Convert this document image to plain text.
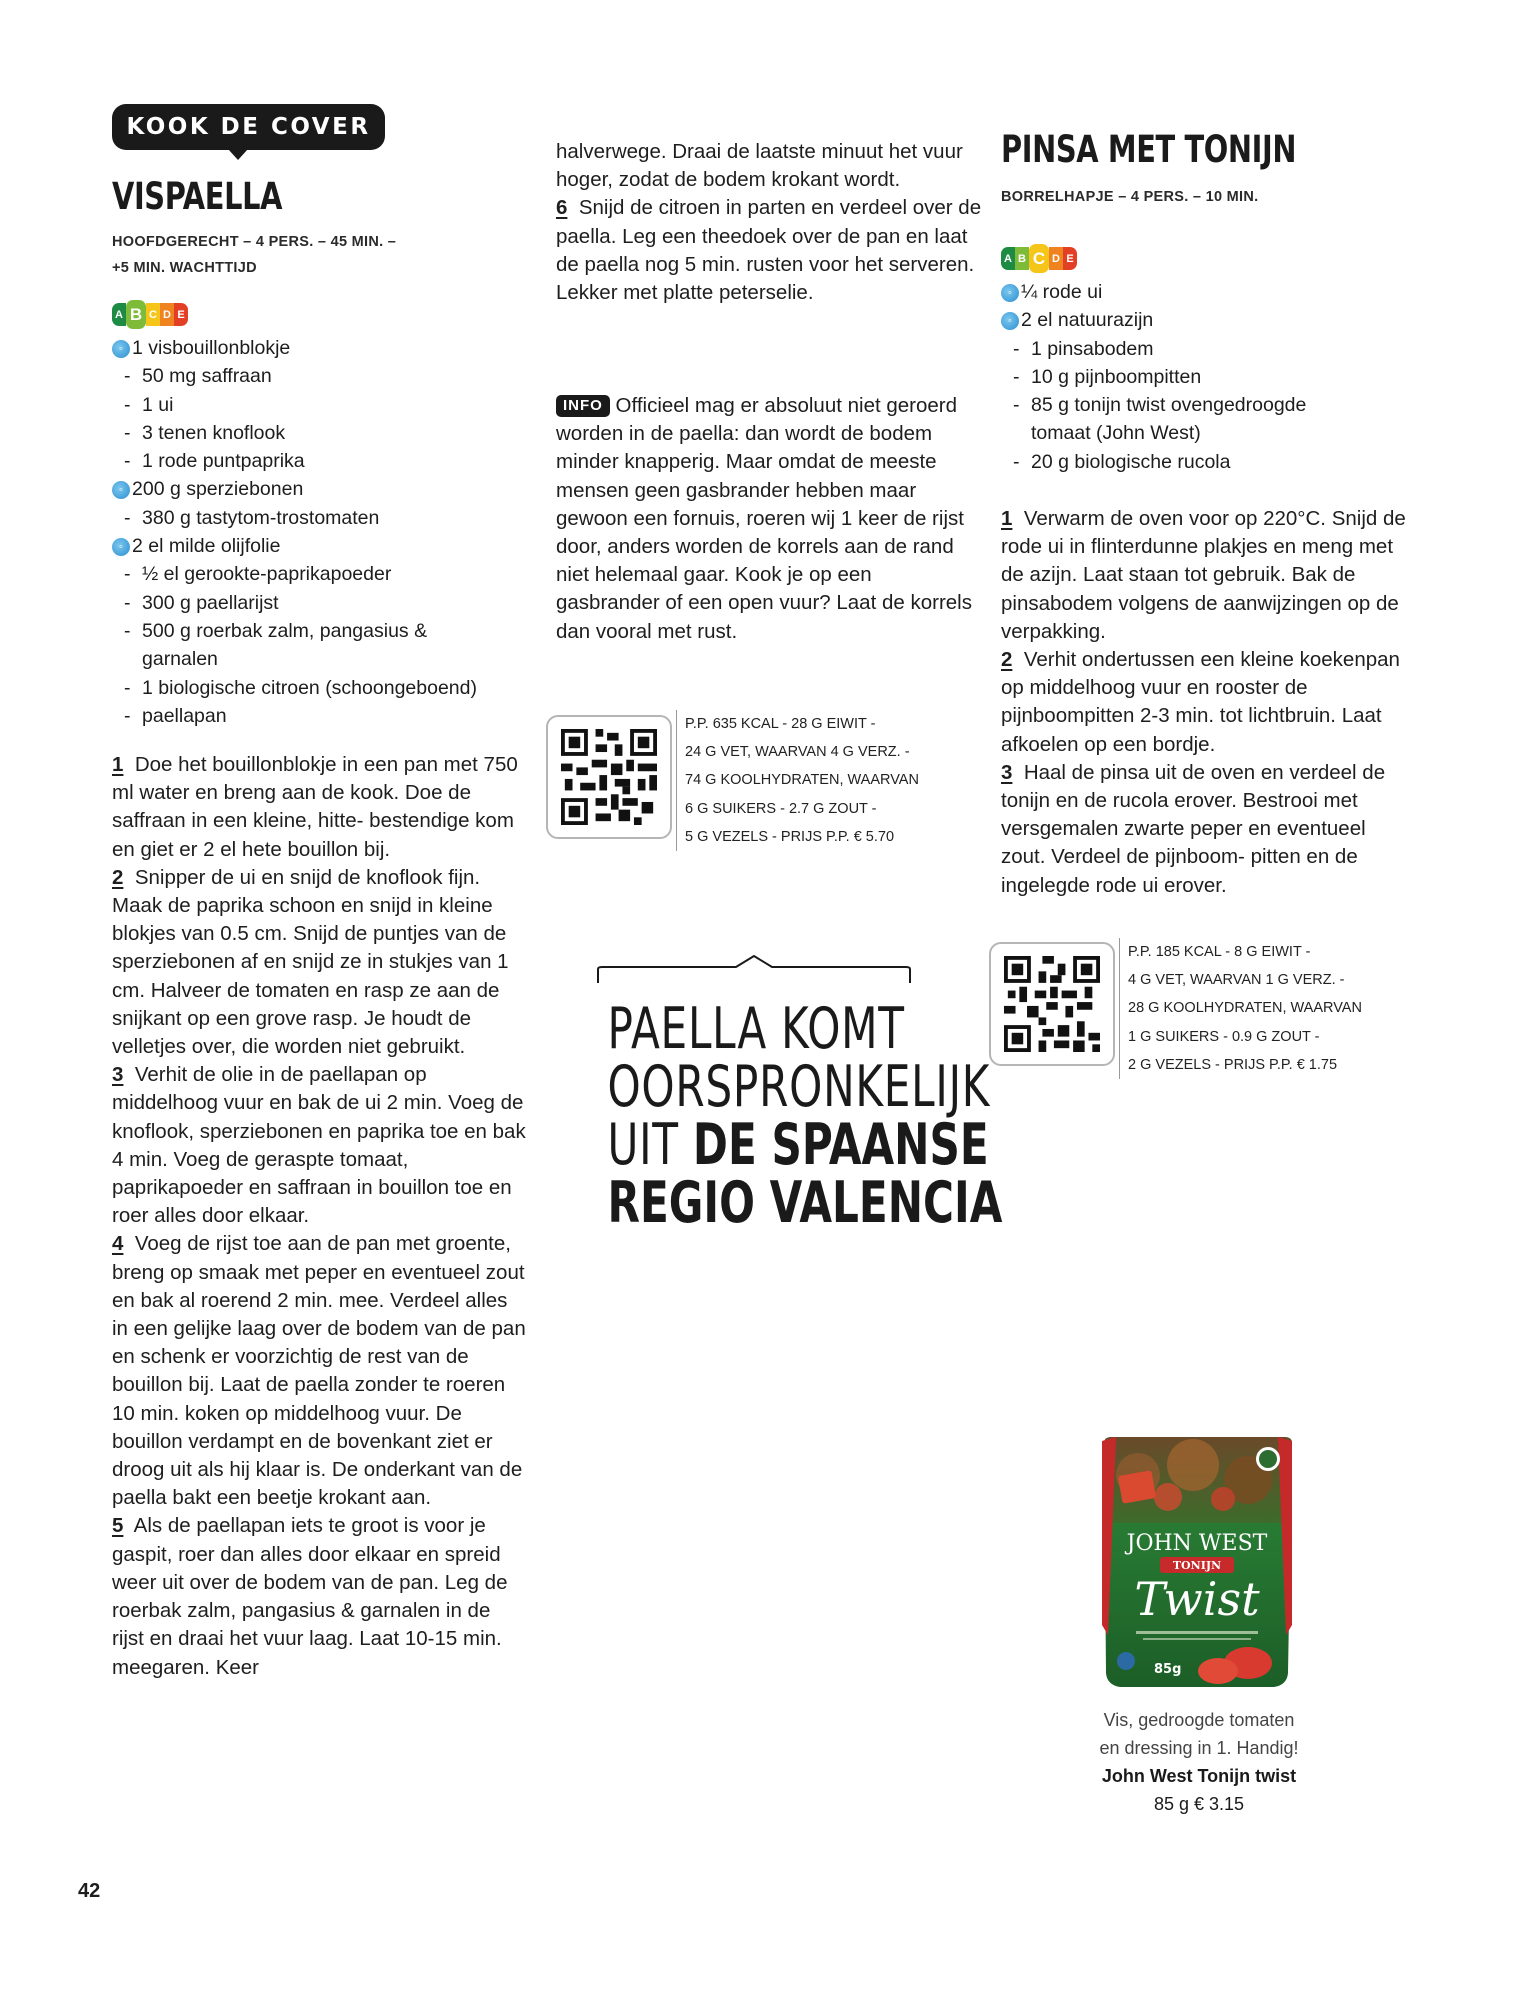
KOOK DE COVER
VISPAELLA
HOOFDGERECHT – 4 PERS. – 45 MIN. –
+5 MIN. WACHTTIJD
A B C D E
◦ 1 visbouillonblokje
- 50 mg saffraan
- 1 ui
- 3 tenen knoflook
- 1 rode puntpaprika
◦ 200 g sperziebonen
- 380 g tastytom-trostomaten
◦ 2 el milde olijfolie
- ½ el gerookte-paprikapoeder
- 300 g paellarijst
- 500 g roerbak zalm, pangasius &
garnalen
- 1 biologische citroen (schoongeboend)
- paellapan
1 Doe het bouillonblokje in een pan met 750 ml water en breng aan de kook. Doe de saffraan in een kleine, hitte- bestendige kom en giet er 2 el hete bouillon bij.
2 Snipper de ui en snijd de knoflook fijn. Maak de paprika schoon en snijd in kleine blokjes van 0.5 cm. Snijd de puntjes van de sperziebonen af en snijd ze in stukjes van 1 cm. Halveer de tomaten en rasp ze aan de snijkant op een grove rasp. Je houdt de velletjes over, die worden niet gebruikt.
3 Verhit de olie in de paellapan op middelhoog vuur en bak de ui 2 min. Voeg de knoflook, sperziebonen en paprika toe en bak 4 min. Voeg de geraspte tomaat, paprikapoeder en saffraan in bouillon toe en roer alles door elkaar.
4 Voeg de rijst toe aan de pan met groente, breng op smaak met peper en eventueel zout en bak al roerend 2 min. mee. Verdeel alles in een gelijke laag over de bodem van de pan en schenk er voorzichtig de rest van de bouillon bij. Laat de paella zonder te roeren 10 min. koken op middelhoog vuur. De bouillon verdampt en de bovenkant ziet er droog uit als hij klaar is. De onderkant van de paella bakt een beetje krokant aan.
5 Als de paellapan iets te groot is voor je gaspit, roer dan alles door elkaar en spreid weer uit over de bodem van de pan. Leg de roerbak zalm, pangasius & garnalen in de rijst en draai het vuur laag. Laat 10-15 min. meegaren. Keer
halverwege. Draai de laatste minuut het vuur hoger, zodat de bodem krokant wordt.
6 Snijd de citroen in parten en verdeel over de paella. Leg een theedoek over de pan en laat de paella nog 5 min. rusten voor het serveren. Lekker met platte peterselie.
INFO Officieel mag er absoluut niet geroerd worden in de paella: dan wordt de bodem minder knapperig. Maar omdat de meeste mensen geen gasbrander hebben maar gewoon een fornuis, roeren wij 1 keer de rijst door, anders worden de korrels aan de rand niet helemaal gaar. Kook je op een gasbrander of een open vuur? Laat de korrels dan vooral met rust.
P.P. 635 KCAL - 28 G EIWIT -
24 G VET, WAARVAN 4 G VERZ. -
74 G KOOLHYDRATEN, WAARVAN
6 G SUIKERS - 2.7 G ZOUT -
5 G VEZELS - PRIJS P.P. € 5.70
PAELLA KOMT
OORSPRONKELIJK
UIT DE SPAANSE
REGIO VALENCIA
PINSA MET TONIJN
BORRELHAPJE – 4 PERS. – 10 MIN.
A B C D E
◦ ¼ rode ui
◦ 2 el natuurazijn
- 1 pinsabodem
- 10 g pijnboompitten
- 85 g tonijn twist ovengedroogde
tomaat (John West)
- 20 g biologische rucola
1 Verwarm de oven voor op 220°C. Snijd de rode ui in flinterdunne plakjes en meng met de azijn. Laat staan tot gebruik. Bak de pinsabodem volgens de aanwijzingen op de verpakking.
2 Verhit ondertussen een kleine koekenpan op middelhoog vuur en rooster de pijnboompitten 2-3 min. tot lichtbruin. Laat afkoelen op een bordje.
3 Haal de pinsa uit de oven en verdeel de tonijn en de rucola erover. Bestrooi met versgemalen zwarte peper en eventueel zout. Verdeel de pijnboom- pitten en de ingelegde rode ui erover.
P.P. 185 KCAL - 8 G EIWIT -
4 G VET, WAARVAN 1 G VERZ. -
28 G KOOLHYDRATEN, WAARVAN
1 G SUIKERS - 0.9 G ZOUT -
2 G VEZELS - PRIJS P.P. € 1.75
JOHN WEST
TONIJN
Twist
85g
Vis, gedroogde tomaten
en dressing in 1. Handig!
John West Tonijn twist
85 g € 3.15
42
